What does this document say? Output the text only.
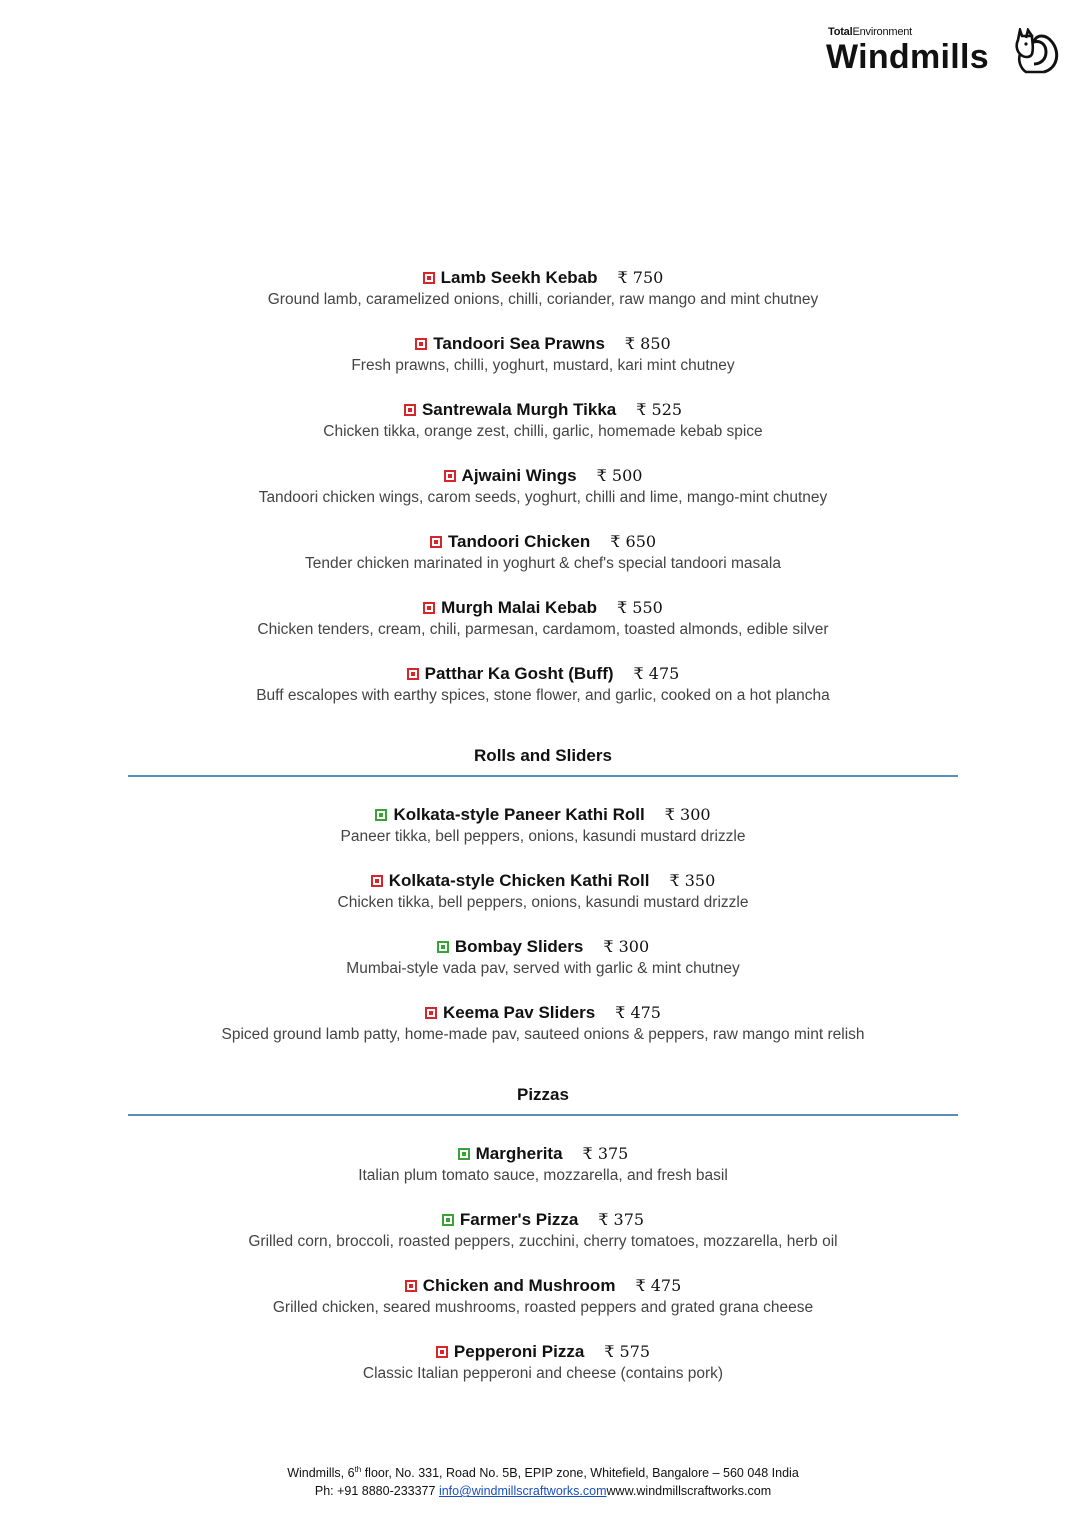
TotalEnvironment
Windmills
Lamb Seekh Kebab ₹ 750
Ground lamb, caramelized onions, chilli, coriander, raw mango and mint chutney
Tandoori Sea Prawns ₹ 850
Fresh prawns, chilli, yoghurt, mustard, kari mint chutney
Santrewala Murgh Tikka ₹ 525
Chicken tikka, orange zest, chilli, garlic, homemade kebab spice
Ajwaini Wings ₹ 500
Tandoori chicken wings, carom seeds, yoghurt, chilli and lime, mango-mint chutney
Tandoori Chicken ₹ 650
Tender chicken marinated in yoghurt & chef's special tandoori masala
Murgh Malai Kebab ₹ 550
Chicken tenders, cream, chili, parmesan, cardamom, toasted almonds, edible silver
Patthar Ka Gosht (Buff) ₹ 475
Buff escalopes with earthy spices, stone flower, and garlic, cooked on a hot plancha
Rolls and Sliders
Kolkata-style Paneer Kathi Roll ₹ 300
Paneer tikka, bell peppers, onions, kasundi mustard drizzle
Kolkata-style Chicken Kathi Roll ₹ 350
Chicken tikka, bell peppers, onions, kasundi mustard drizzle
Bombay Sliders ₹ 300
Mumbai-style vada pav, served with garlic & mint chutney
Keema Pav Sliders ₹ 475
Spiced ground lamb patty, home-made pav, sauteed onions & peppers, raw mango mint relish
Pizzas
Margherita ₹ 375
Italian plum tomato sauce, mozzarella, and fresh basil
Farmer's Pizza ₹ 375
Grilled corn, broccoli, roasted peppers, zucchini, cherry tomatoes, mozzarella, herb oil
Chicken and Mushroom ₹ 475
Grilled chicken, seared mushrooms, roasted peppers and grated grana cheese
Pepperoni Pizza ₹ 575
Classic Italian pepperoni and cheese (contains pork)
Windmills, 6th floor, No. 331, Road No. 5B, EPIP zone, Whitefield, Bangalore – 560 048 India
Ph: +91 8880-233377 info@windmillscraftworks.comwww.windmillscraftworks.com
